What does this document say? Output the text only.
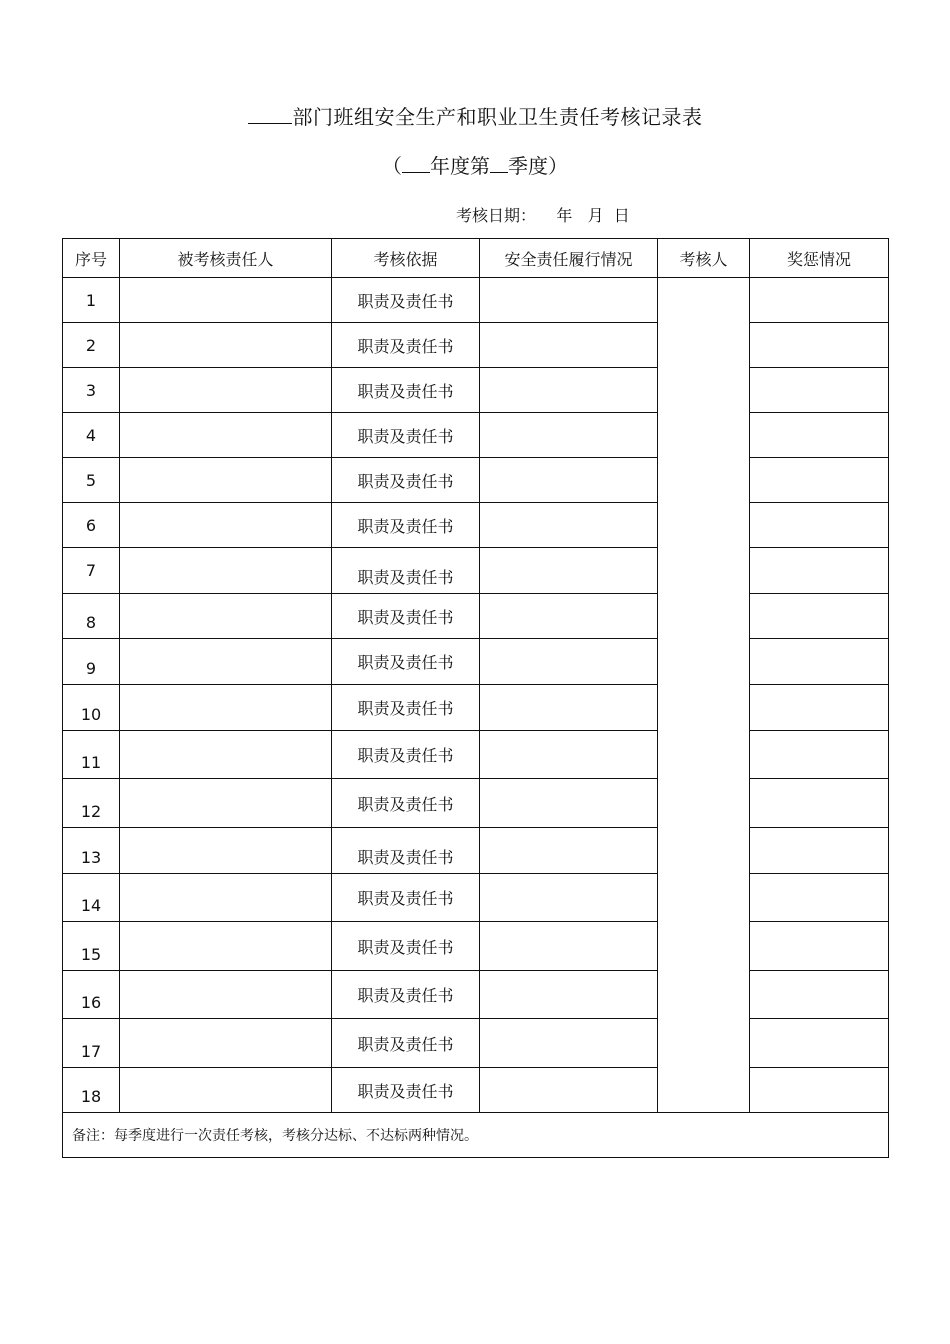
部门班组安全生产和职业卫生责任考核记录表
（ 年度第 季度）
考核日期：    年   月  日
序号	被考核责任人	考核依据	安全责任履行情况	考核人	奖惩情况
1		职责及责任书			
2		职责及责任书			
3		职责及责任书			
4		职责及责任书			
5		职责及责任书			
6		职责及责任书			
7		职责及责任书			
8		职责及责任书			
9		职责及责任书			
10		职责及责任书			
11		职责及责任书			
12		职责及责任书			
13		职责及责任书			
14		职责及责任书			
15		职责及责任书			
16		职责及责任书			
17		职责及责任书			
18		职责及责任书			
备注：每季度进行一次责任考核，考核分达标、不达标两种情况。					
